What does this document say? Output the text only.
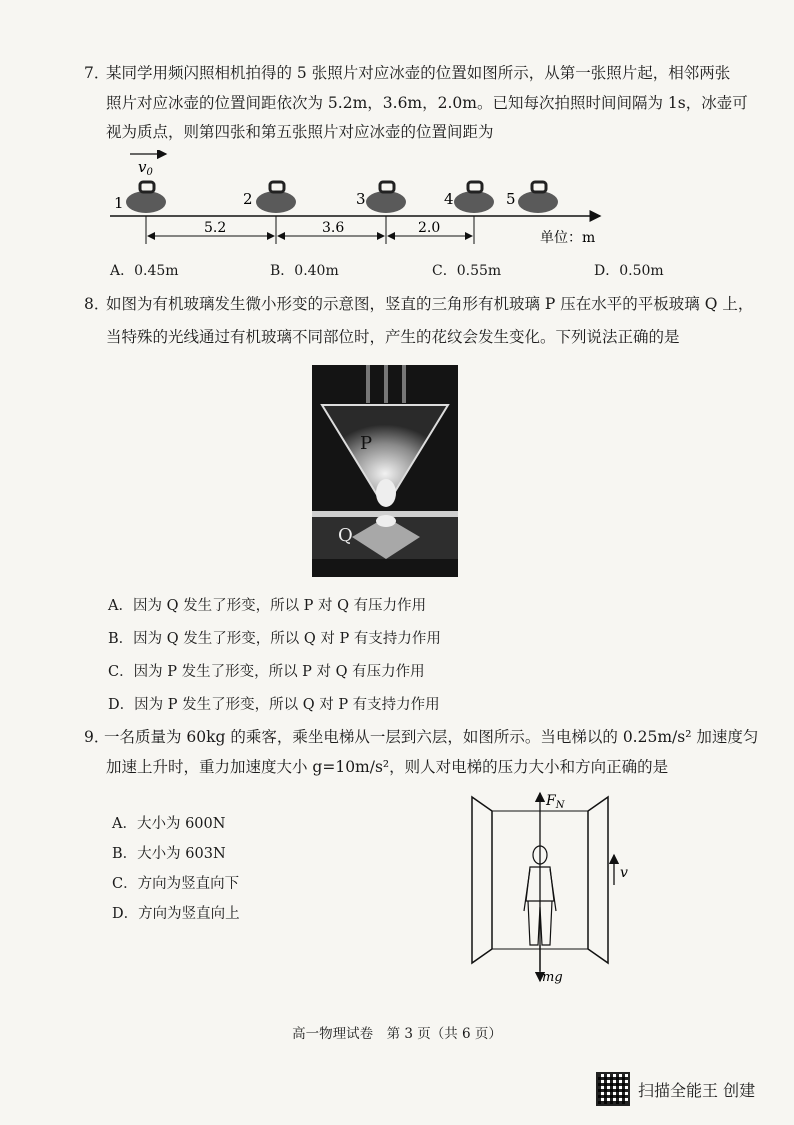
7．
某同学用频闪照相机拍得的 5 张照片对应冰壶的位置如图所示，从第一张照片起，相邻两张
照片对应冰壶的位置间距依次为 5.2m，3.6m，2.0m。已知每次拍照时间间隔为 1s，冰壶可
视为质点，则第四张和第五张照片对应冰壶的位置间距为
$v_0$
1	2	3	4	5
5.2	3.6	2.0
单位：m
A．0.45m	B．0.40m	C．0.55m	D．0.50m
8．
如图为有机玻璃发生微小形变的示意图，竖直的三角形有机玻璃 P 压在水平的平板玻璃 Q 上，
当特殊的光线通过有机玻璃不同部位时，产生的花纹会发生变化。下列说法正确的是
P
Q
A．因为 Q 发生了形变，所以 P 对 Q 有压力作用
B．因为 Q 发生了形变，所以 Q 对 P 有支持力作用
C．因为 P 发生了形变，所以 P 对 Q 有压力作用
D．因为 P 发生了形变，所以 Q 对 P 有支持力作用
9．
一名质量为 60kg 的乘客，乘坐电梯从一层到六层，如图所示。当电梯以的 0.25m/s² 加速度匀
加速上升时，重力加速度大小 g=10m/s²，则人对电梯的压力大小和方向正确的是
A．大小为 600N
B．大小为 603N
C．方向为竖直向下
D．方向为竖直向上
$F_N$
mg
v
高一物理试卷　第 3 页（共 6 页）
扫描全能王 创建
